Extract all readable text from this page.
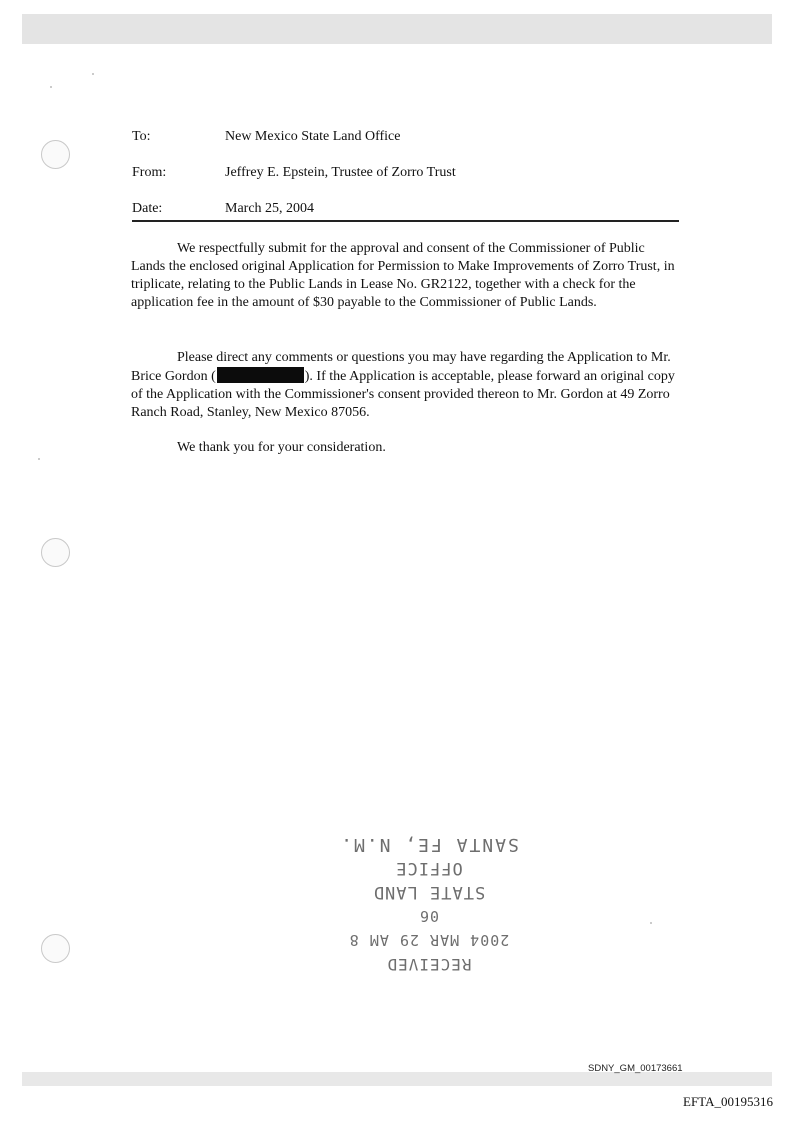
To:	New Mexico State Land Office
From:	Jeffrey E. Epstein, Trustee of Zorro Trust
Date:	March 25, 2004

We respectfully submit for the approval and consent of the Commissioner of Public Lands the enclosed original Application for Permission to Make Improvements of Zorro Trust, in triplicate, relating to the Public Lands in Lease No. GR2122, together with a check for the application fee in the amount of $30 payable to the Commissioner of Public Lands.

Please direct any comments or questions you may have regarding the Application to Mr. Brice Gordon (	). If the Application is acceptable, please forward an original copy of the Application with the Commissioner's consent provided thereon to Mr. Gordon at 49 Zorro Ranch Road, Stanley, New Mexico 87056.

We thank you for your consideration.

RECEIVED
2004 MAR 29 AM 8 06
STATE LAND OFFICE
SANTA FE, N.M.
SDNY_GM_00173661
EFTA_00195316
